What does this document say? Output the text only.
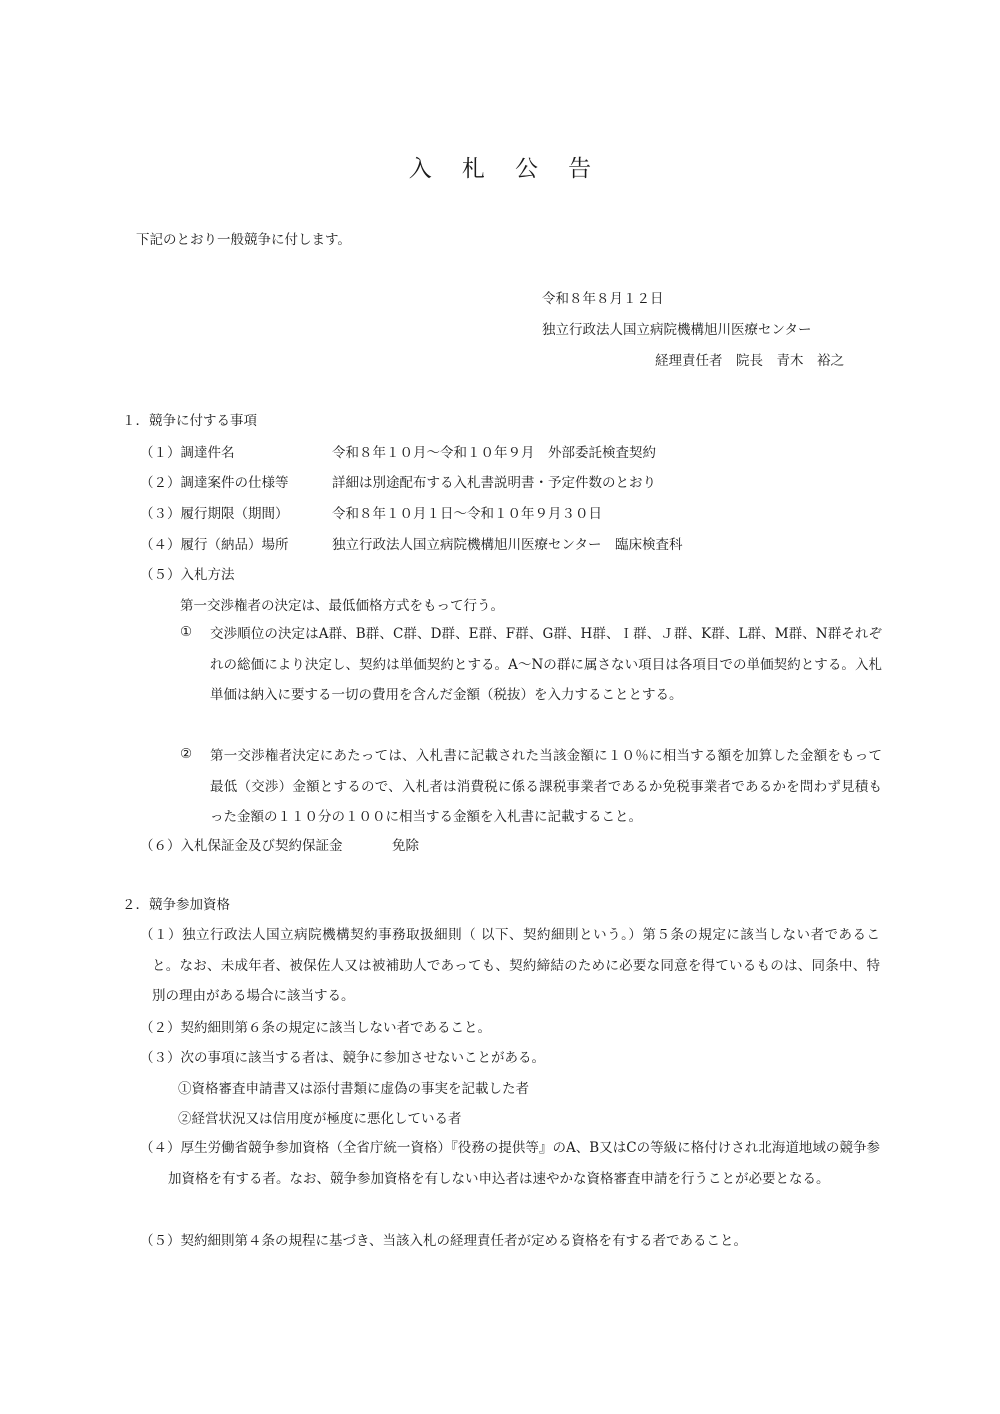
入 札 公 告
下記のとおり一般競争に付します。
令和８年８月１２日
独立行政法人国立病院機構旭川医療センター
経理責任者　院長　青木　裕之
１．競争に付する事項
（１）調達件名	令和８年１０月～令和１０年９月　外部委託検査契約
（２）調達案件の仕様等	詳細は別途配布する入札書説明書・予定件数のとおり
（３）履行期限（期間）	令和８年１０月１日～令和１０年９月３０日
（４）履行（納品）場所	独立行政法人国立病院機構旭川医療センター　臨床検査科
（５）入札方法
第一交渉権者の決定は、最低価格方式をもって行う。
① 交渉順位の決定はA群、B群、C群、D群、E群、F群、G群、H群、Ｉ群、Ｊ群、K群、L群、M群、N群それぞれの総価により決定し、契約は単価契約とする。A～Nの群に属さない項目は各項目での単価契約とする。入札単価は納入に要する一切の費用を含んだ金額（税抜）を入力することとする。
② 第一交渉権者決定にあたっては、入札書に記載された当該金額に１０％に相当する額を加算した金額をもって最低（交渉）金額とするので、入札者は消費税に係る課税事業者であるか免税事業者であるかを問わず見積もった金額の１１０分の１００に相当する金額を入札書に記載すること。
（６）入札保証金及び契約保証金	免除
２．競争参加資格
（１）独立行政法人国立病院機構契約事務取扱細則（ 以下、契約細則という。）第５条の規定に該当しない者であること。なお、未成年者、被保佐人又は被補助人であっても、契約締結のために必要な同意を得ているものは、同条中、特別の理由がある場合に該当する。
（２）契約細則第６条の規定に該当しない者であること。
（３）次の事項に該当する者は、競争に参加させないことがある。
①資格審査申請書又は添付書類に虚偽の事実を記載した者
②経営状況又は信用度が極度に悪化している者
（４）厚生労働省競争参加資格（全省庁統一資格）『役務の提供等』のA、B又はCの等級に格付けされ北海道地域の競争参加資格を有する者。なお、競争参加資格を有しない申込者は速やかな資格審査申請を行うことが必要となる。
（５）契約細則第４条の規程に基づき、当該入札の経理責任者が定める資格を有する者であること。
